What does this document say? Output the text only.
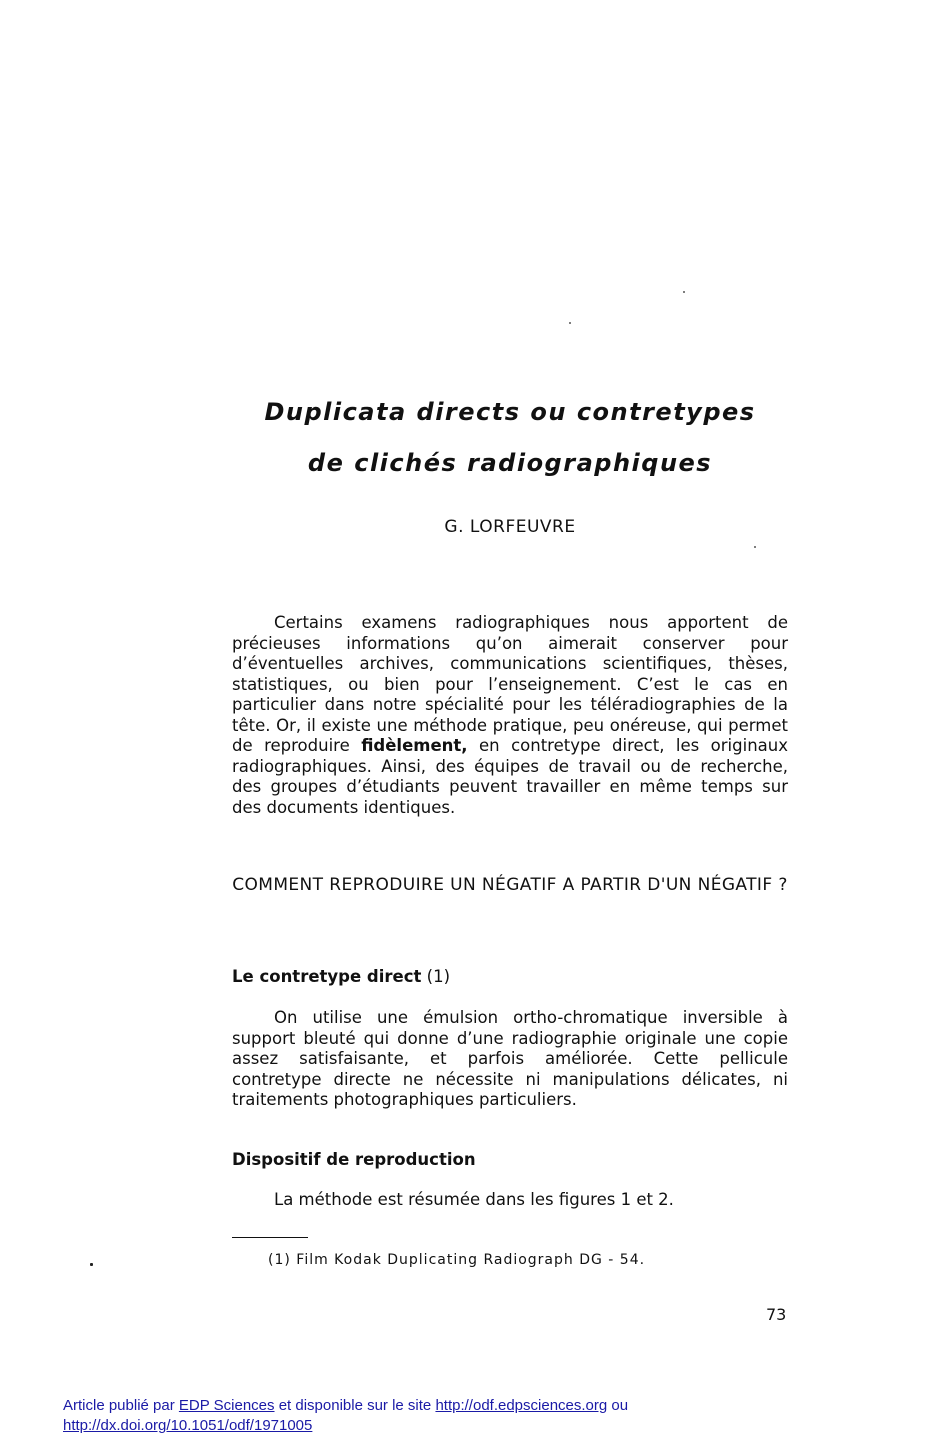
Duplicata directs ou contretypes
de clichés radiographiques
G. LORFEUVRE

Certains examens radiographiques nous apportent de précieuses informations qu’on aimerait conserver pour d’éventuelles archives, communications scientifiques, thèses, statistiques, ou bien pour l’enseignement. C’est le cas en particulier dans notre spécialité pour les téléradiographies de la tête. Or, il existe une méthode pratique, peu onéreuse, qui permet de reproduire fidèlement, en contretype direct, les originaux radiographiques. Ainsi, des équipes de travail ou de recherche, des groupes d’étudiants peuvent travailler en même temps sur des documents identiques.

COMMENT REPRODUIRE UN NÉGATIF A PARTIR D'UN NÉGATIF ?

Le contretype direct (1)

On utilise une émulsion ortho-chromatique inversible à support bleuté qui donne d’une radiographie originale une copie assez satisfaisante, et parfois améliorée. Cette pellicule contretype directe ne nécessite ni manipulations délicates, ni traitements photographiques particuliers.

Dispositif de reproduction

La méthode est résumée dans les figures 1 et 2.

(1) Film Kodak Duplicating Radiograph DG - 54.

73

Article publié par EDP Sciences et disponible sur le site http://odf.edpsciences.org ou
http://dx.doi.org/10.1051/odf/1971005
